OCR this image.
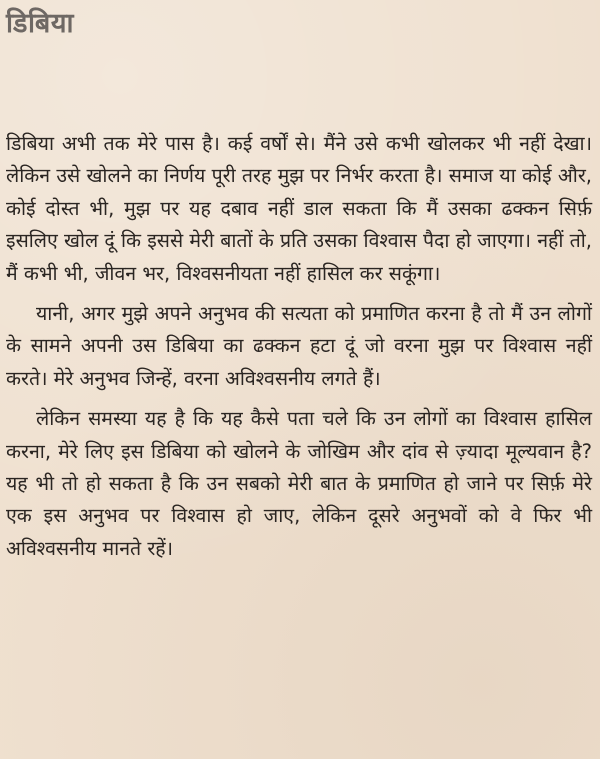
डिबिया

डिबिया अभी तक मेरे पास है। कई वर्षों से। मैंने उसे कभी खोलकर भी नहीं देखा। लेकिन उसे खोलने का निर्णय पूरी तरह मुझ पर निर्भर करता है। समाज या कोई और, कोई दोस्त भी, मुझ पर यह दबाव नहीं डाल सकता कि मैं उसका ढक्कन सिर्फ़ इसलिए खोल दूं कि इससे मेरी बातों के प्रति उसका विश्वास पैदा हो जाएगा। नहीं तो, मैं कभी भी, जीवन भर, विश्वसनीयता नहीं हासिल कर सकूंगा।

यानी, अगर मुझे अपने अनुभव की सत्यता को प्रमाणित करना है तो मैं उन लोगों के सामने अपनी उस डिबिया का ढक्कन हटा दूं जो वरना मुझ पर विश्वास नहीं करते। मेरे अनुभव जिन्हें, वरना अविश्वसनीय लगते हैं।

लेकिन समस्या यह है कि यह कैसे पता चले कि उन लोगों का विश्वास हासिल करना, मेरे लिए इस डिबिया को खोलने के जोखिम और दांव से ज़्यादा मूल्यवान है? यह भी तो हो सकता है कि उन सबको मेरी बात के प्रमाणित हो जाने पर सिर्फ़ मेरे एक इस अनुभव पर विश्वास हो जाए, लेकिन दूसरे अनुभवों को वे फिर भी अविश्वसनीय मानते रहें।
